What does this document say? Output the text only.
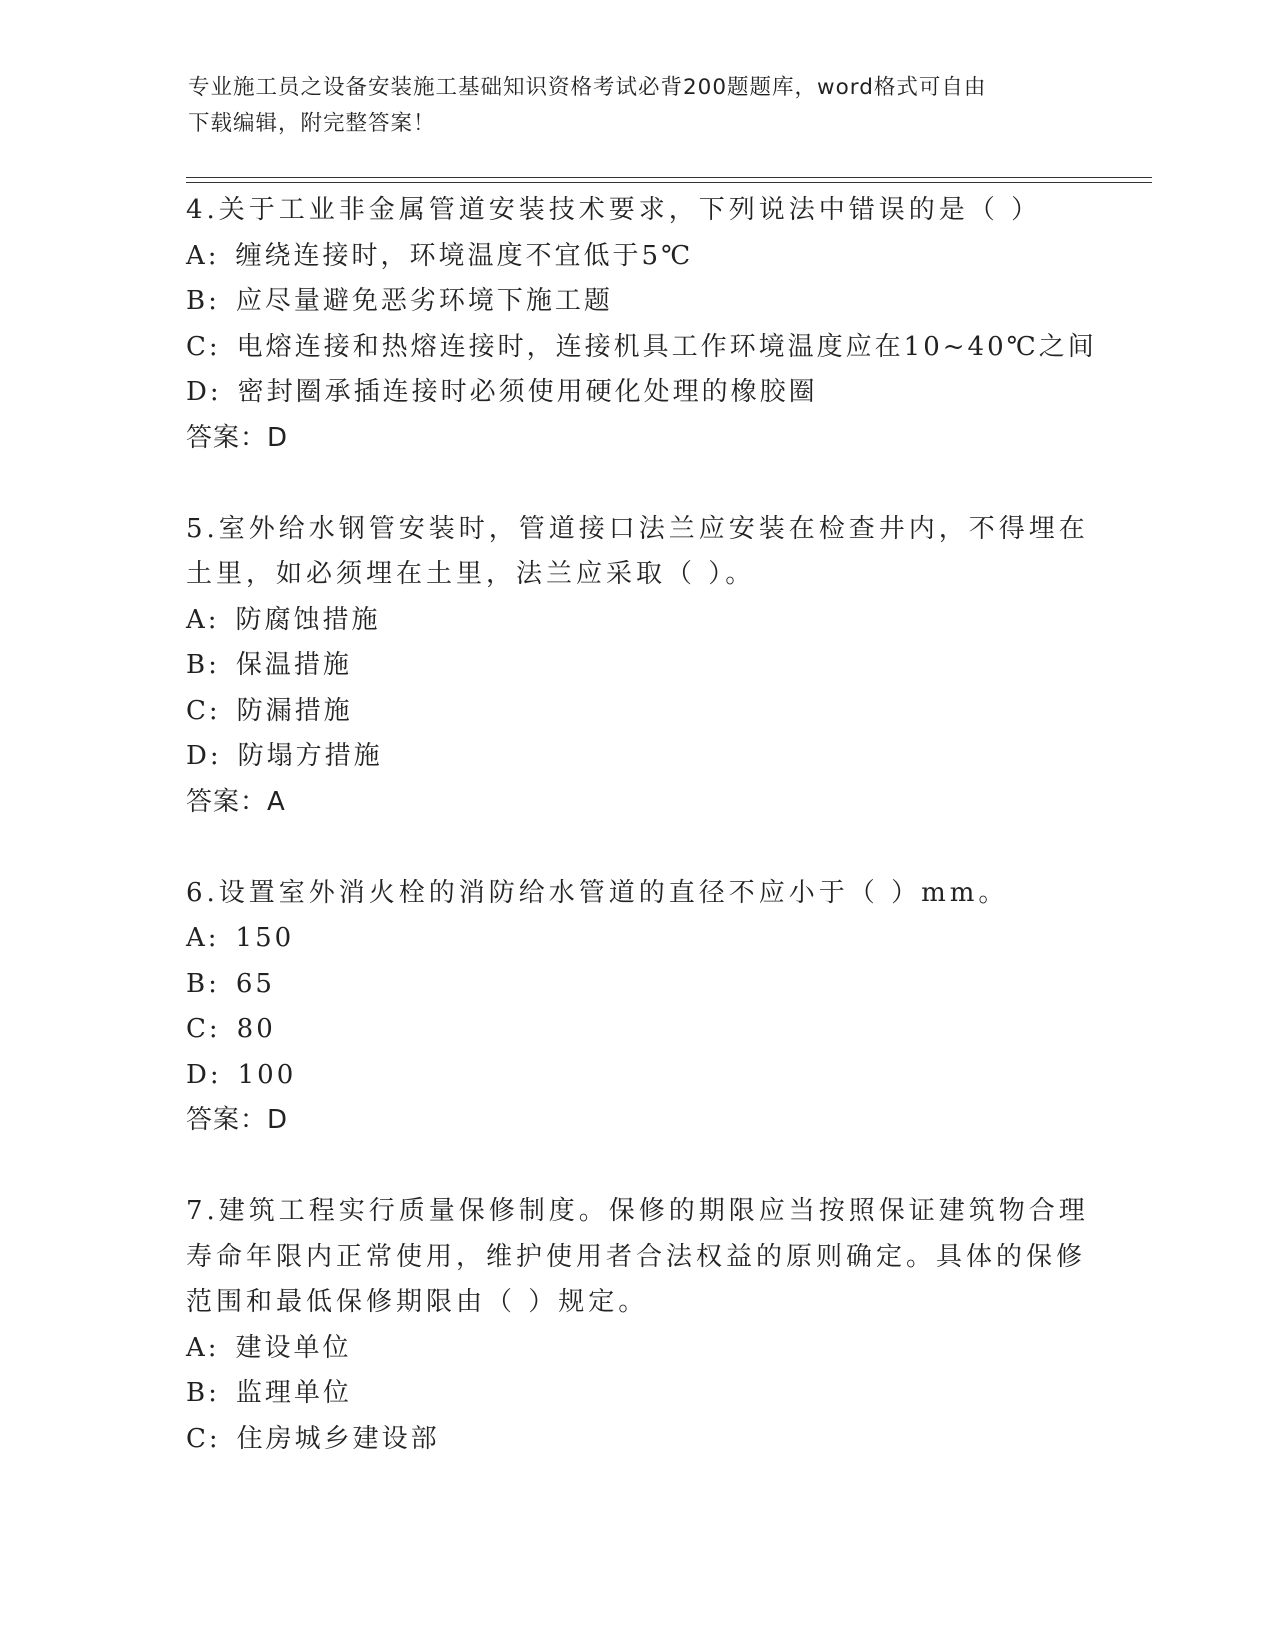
专业施工员之设备安装施工基础知识资格考试必背200题题库，word格式可自由
下载编辑，附完整答案！
4.关于工业非金属管道安装技术要求，下列说法中错误的是（ ）
A: 缠绕连接时，环境温度不宜低于5℃
B: 应尽量避免恶劣环境下施工题
C: 电熔连接和热熔连接时，连接机具工作环境温度应在10~40℃之间
D: 密封圈承插连接时必须使用硬化处理的橡胶圈
答案：D
5.室外给水钢管安装时，管道接口法兰应安装在检查井内，不得埋在
土里，如必须埋在土里，法兰应采取（ ）。
A: 防腐蚀措施
B: 保温措施
C: 防漏措施
D: 防塌方措施
答案：A
6.设置室外消火栓的消防给水管道的直径不应小于（ ）mm。
A: 150
B: 65
C: 80
D: 100
答案：D
7.建筑工程实行质量保修制度。保修的期限应当按照保证建筑物合理
寿命年限内正常使用，维护使用者合法权益的原则确定。具体的保修
范围和最低保修期限由（ ）规定。
A: 建设单位
B: 监理单位
C: 住房城乡建设部
